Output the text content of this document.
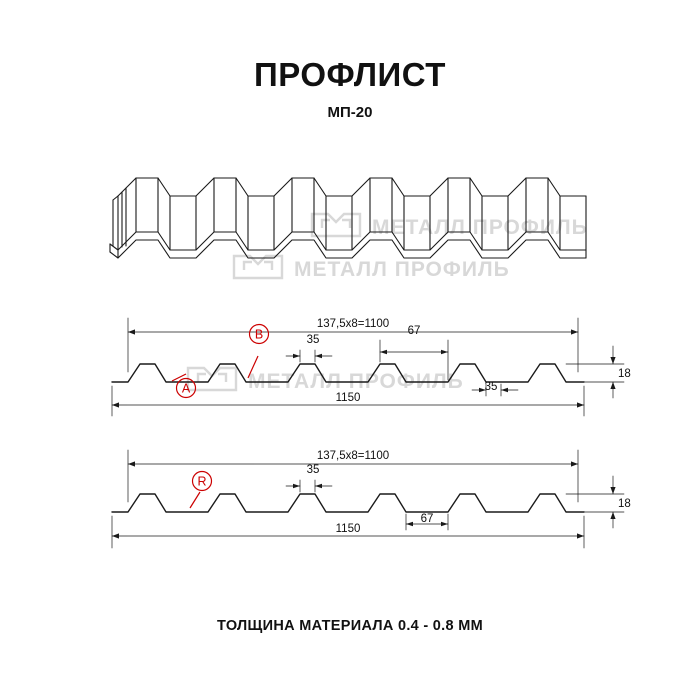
ПРОФЛИСТ
МП-20
МЕТАЛЛ ПРОФИЛЬ
МЕТАЛЛ ПРОФИЛЬ
МЕТАЛЛ ПРОФИЛЬ
137,5х8=1100
1150
18
35
67
35
A
B
137,5х8=1100
1150
18
35
67
R
ТОЛЩИНА МАТЕРИАЛА 0.4 - 0.8 ММ
